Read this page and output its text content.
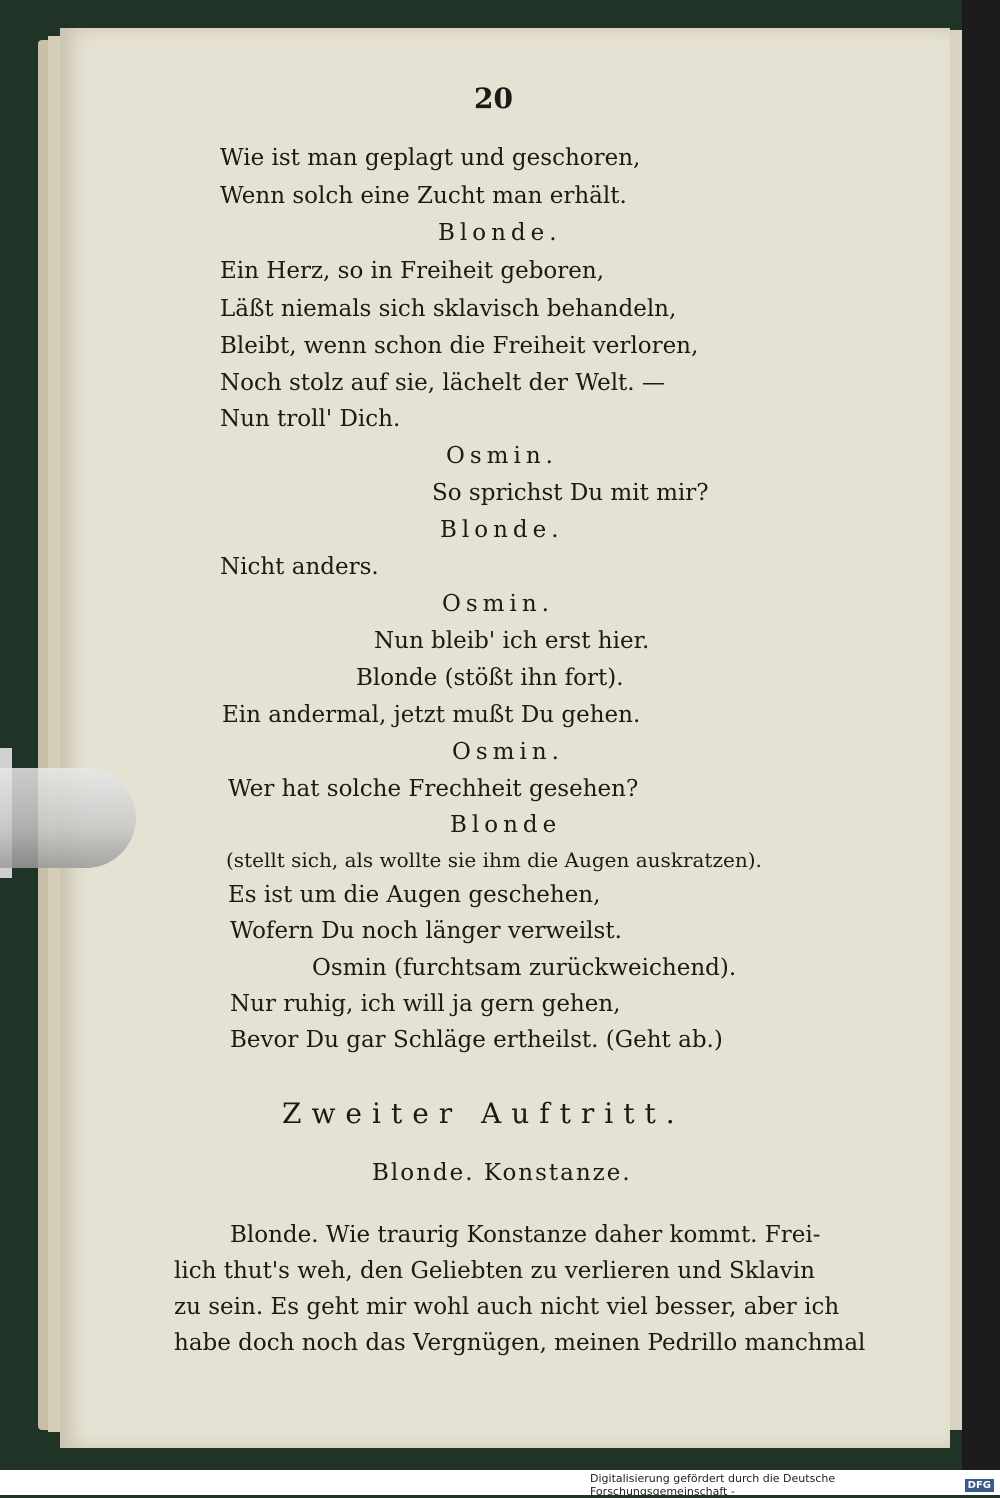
20
Wie ist man geplagt und geschoren,
Wenn solch eine Zucht man erhält.
Blonde.
Ein Herz, so in Freiheit geboren,
Läßt niemals sich sklavisch behandeln,
Bleibt, wenn schon die Freiheit verloren,
Noch stolz auf sie, lächelt der Welt. —
Nun troll' Dich.
Osmin.
So sprichst Du mit mir?
Blonde.
Nicht anders.
Osmin.
Nun bleib' ich erst hier.
Blonde (stößt ihn fort).
Ein andermal, jetzt mußt Du gehen.
Osmin.
Wer hat solche Frechheit gesehen?
Blonde
(stellt sich, als wollte sie ihm die Augen auskratzen).
Es ist um die Augen geschehen,
Wofern Du noch länger verweilst.
Osmin (furchtsam zurückweichend).
Nur ruhig, ich will ja gern gehen,
Bevor Du gar Schläge ertheilst. (Geht ab.)
Zweiter Auftritt.
Blonde. Konstanze.
Blonde. Wie traurig Konstanze daher kommt. Frei-
lich thut's weh, den Geliebten zu verlieren und Sklavin
zu sein. Es geht mir wohl auch nicht viel besser, aber ich
habe doch noch das Vergnügen, meinen Pedrillo manchmal
Digitalisierung gefördert durch die Deutsche Forschungsgemeinschaft -	DFG
